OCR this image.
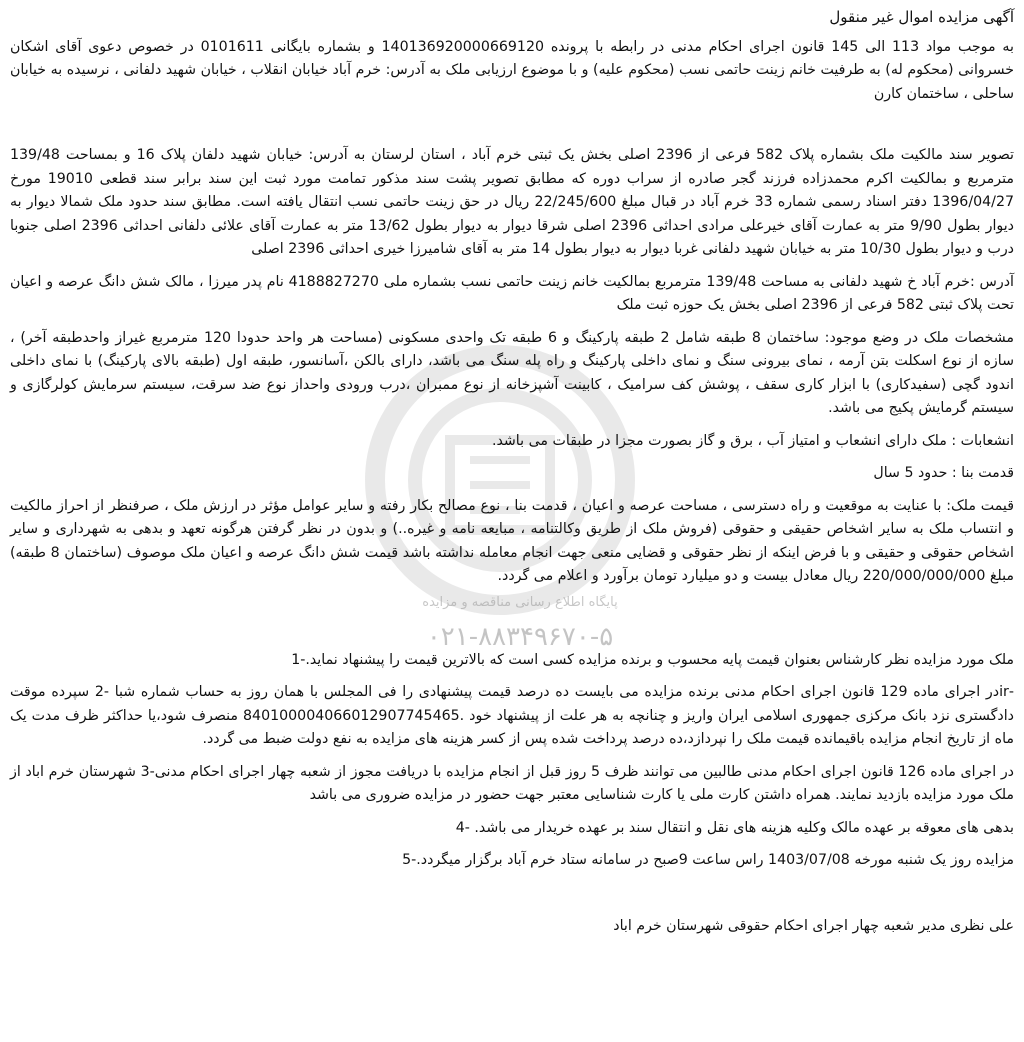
پایگاه اطلاع رسانی مناقصه و مزایده
۰۲۱-۸۸۳۴۹۶۷۰-۵
آگهی مزایده اموال غیر منقول

به موجب مواد 113 الی 145 قانون اجرای احکام مدنی در رابطه با پرونده 140136920000669120 و بشماره بایگانی 0101611 در خصوص دعوی آقای اشکان خسروانی (محکوم له) به طرفیت خانم زینت حاتمی نسب (محکوم علیه) و با موضوع ارزیابی ملک به آدرس: خرم آباد خیابان انقلاب ، خیابان شهید دلفانی ، نرسیده به خیابان ساحلی ، ساختمان کارن

تصویر سند مالکیت ملک بشماره پلاک 582 فرعی از 2396 اصلی بخش یک ثبتی خرم آباد ، استان لرستان به آدرس: خیابان شهید دلفان پلاک 16 و بمساحت 139/48 مترمربع و بمالکیت اکرم محمدزاده فرزند گجر صادره از سراب دوره که مطابق تصویر پشت سند مذکور تمامت مورد ثبت این سند برابر سند قطعی 19010 مورخ 1396/04/27 دفتر اسناد رسمی شماره 33 خرم آباد در قبال مبلغ 22/245/600 ریال در حق زینت حاتمی نسب انتقال یافته است. مطابق سند حدود ملک شمالا دیوار به دیوار بطول 9/90 متر به عمارت آقای خیرعلی مرادی احداثی 2396 اصلی شرقا دیوار به دیوار بطول 13/62 متر به عمارت آقای علائی دلفانی احداثی 2396 اصلی جنوبا درب و دیوار بطول 10/30 متر به خیابان شهید دلفانی غربا دیوار به دیوار بطول 14 متر به آقای شامیرزا خیری احداثی 2396 اصلی

آدرس :خرم آباد خ شهید دلفانی به مساحت 139/48 مترمربع بمالکیت خانم زینت حاتمی نسب بشماره ملی 4188827270 نام پدر میرزا ، مالک شش دانگ عرصه و اعیان تحت پلاک ثبتی 582 فرعی از 2396 اصلی بخش یک حوزه ثبت ملک

مشخصات ملک در وضع موجود: ساختمان 8 طبقه شامل 2 طبقه پارکینگ و 6 طبقه تک واحدی مسکونی (مساحت هر واحد حدودا 120 مترمربع غیراز واحدطبقه آخر) ، سازه از نوع اسکلت بتن آرمه ، نمای بیرونی سنگ و نمای داخلی پارکینگ و راه پله سنگ می باشد، دارای بالکن ،آسانسور، طبقه اول (طبقه بالای پارکینگ) با نمای داخلی اندود گچی (سفیدکاری) با ابزار کاری سقف ، پوشش کف سرامیک ، کابینت آشپزخانه از نوع ممبران ،درب ورودی واحداز نوع ضد سرقت، سیستم سرمایش کولرگازی و سیستم گرمایش پکیج می باشد.

انشعابات : ملک دارای انشعاب و امتیاز آب ، برق و گاز بصورت مجزا در طبقات می باشد.

قدمت بنا : حدود 5 سال

قیمت ملک: با عنایت به موقعیت و راه دسترسی ، مساحت عرصه و اعیان ، قدمت بنا ، نوع مصالح بکار رفته و سایر عوامل مؤثر در ارزش ملک ، صرفنظر از احراز مالکیت و انتساب ملک به سایر اشخاص حقیقی و حقوقی (فروش ملک از طریق وکالتنامه ، مبایعه نامه و غیره..) و بدون در نظر گرفتن هرگونه تعهد و بدهی به شهرداری و سایر اشخاص حقوقی و حقیقی و با فرض اینکه از نظر حقوقی و قضایی منعی جهت انجام معامله نداشته باشد قیمت شش دانگ عرصه و اعیان ملک موصوف (ساختمان 8 طبقه) مبلغ 220/000/000/000 ریال معادل بیست و دو میلیارد تومان برآورد و اعلام می گردد.

ملک مورد مزایده نظر کارشناس بعنوان قیمت پایه محسوب و برنده مزایده کسی است که بالاترین قیمت را پیشنهاد نماید.-1

-irدر اجرای ماده 129 قانون اجرای احکام مدنی برنده مزایده می بایست ده درصد قیمت پیشنهادی را فی المجلس با همان روز به حساب شماره شبا -2 سپرده موقت دادگستری نزد بانک مرکزی جمهوری اسلامی ایران واریز و چنانچه به هر علت از پیشنهاد خود .840100004066012907745465 منصرف شود،یا حداکثر ظرف مدت یک ماه از تاریخ انجام مزایده باقیمانده قیمت ملک را نپردازد،ده درصد پرداخت شده پس از کسر هزینه های مزایده به نفع دولت ضبط می گردد.

در اجرای ماده 126 قانون اجرای احکام مدنی طالبین می توانند ظرف 5 روز قبل از انجام مزایده با دریافت مجوز از شعبه چهار اجرای احکام مدنی-3 شهرستان خرم اباد از ملک مورد مزایده بازدید نمایند. همراه داشتن کارت ملی یا کارت شناسایی معتبر جهت حضور در مزایده ضروری می باشد

بدهی های معوقه بر عهده مالک وکلیه هزینه های نقل و انتقال سند بر عهده خریدار می باشد. -4

مزایده روز یک شنبه مورخه 1403/07/08 راس ساعت 9صبح در سامانه ستاد خرم آباد برگزار میگردد.-5

علی نظری مدیر شعبه چهار اجرای احکام حقوقی شهرستان خرم اباد
